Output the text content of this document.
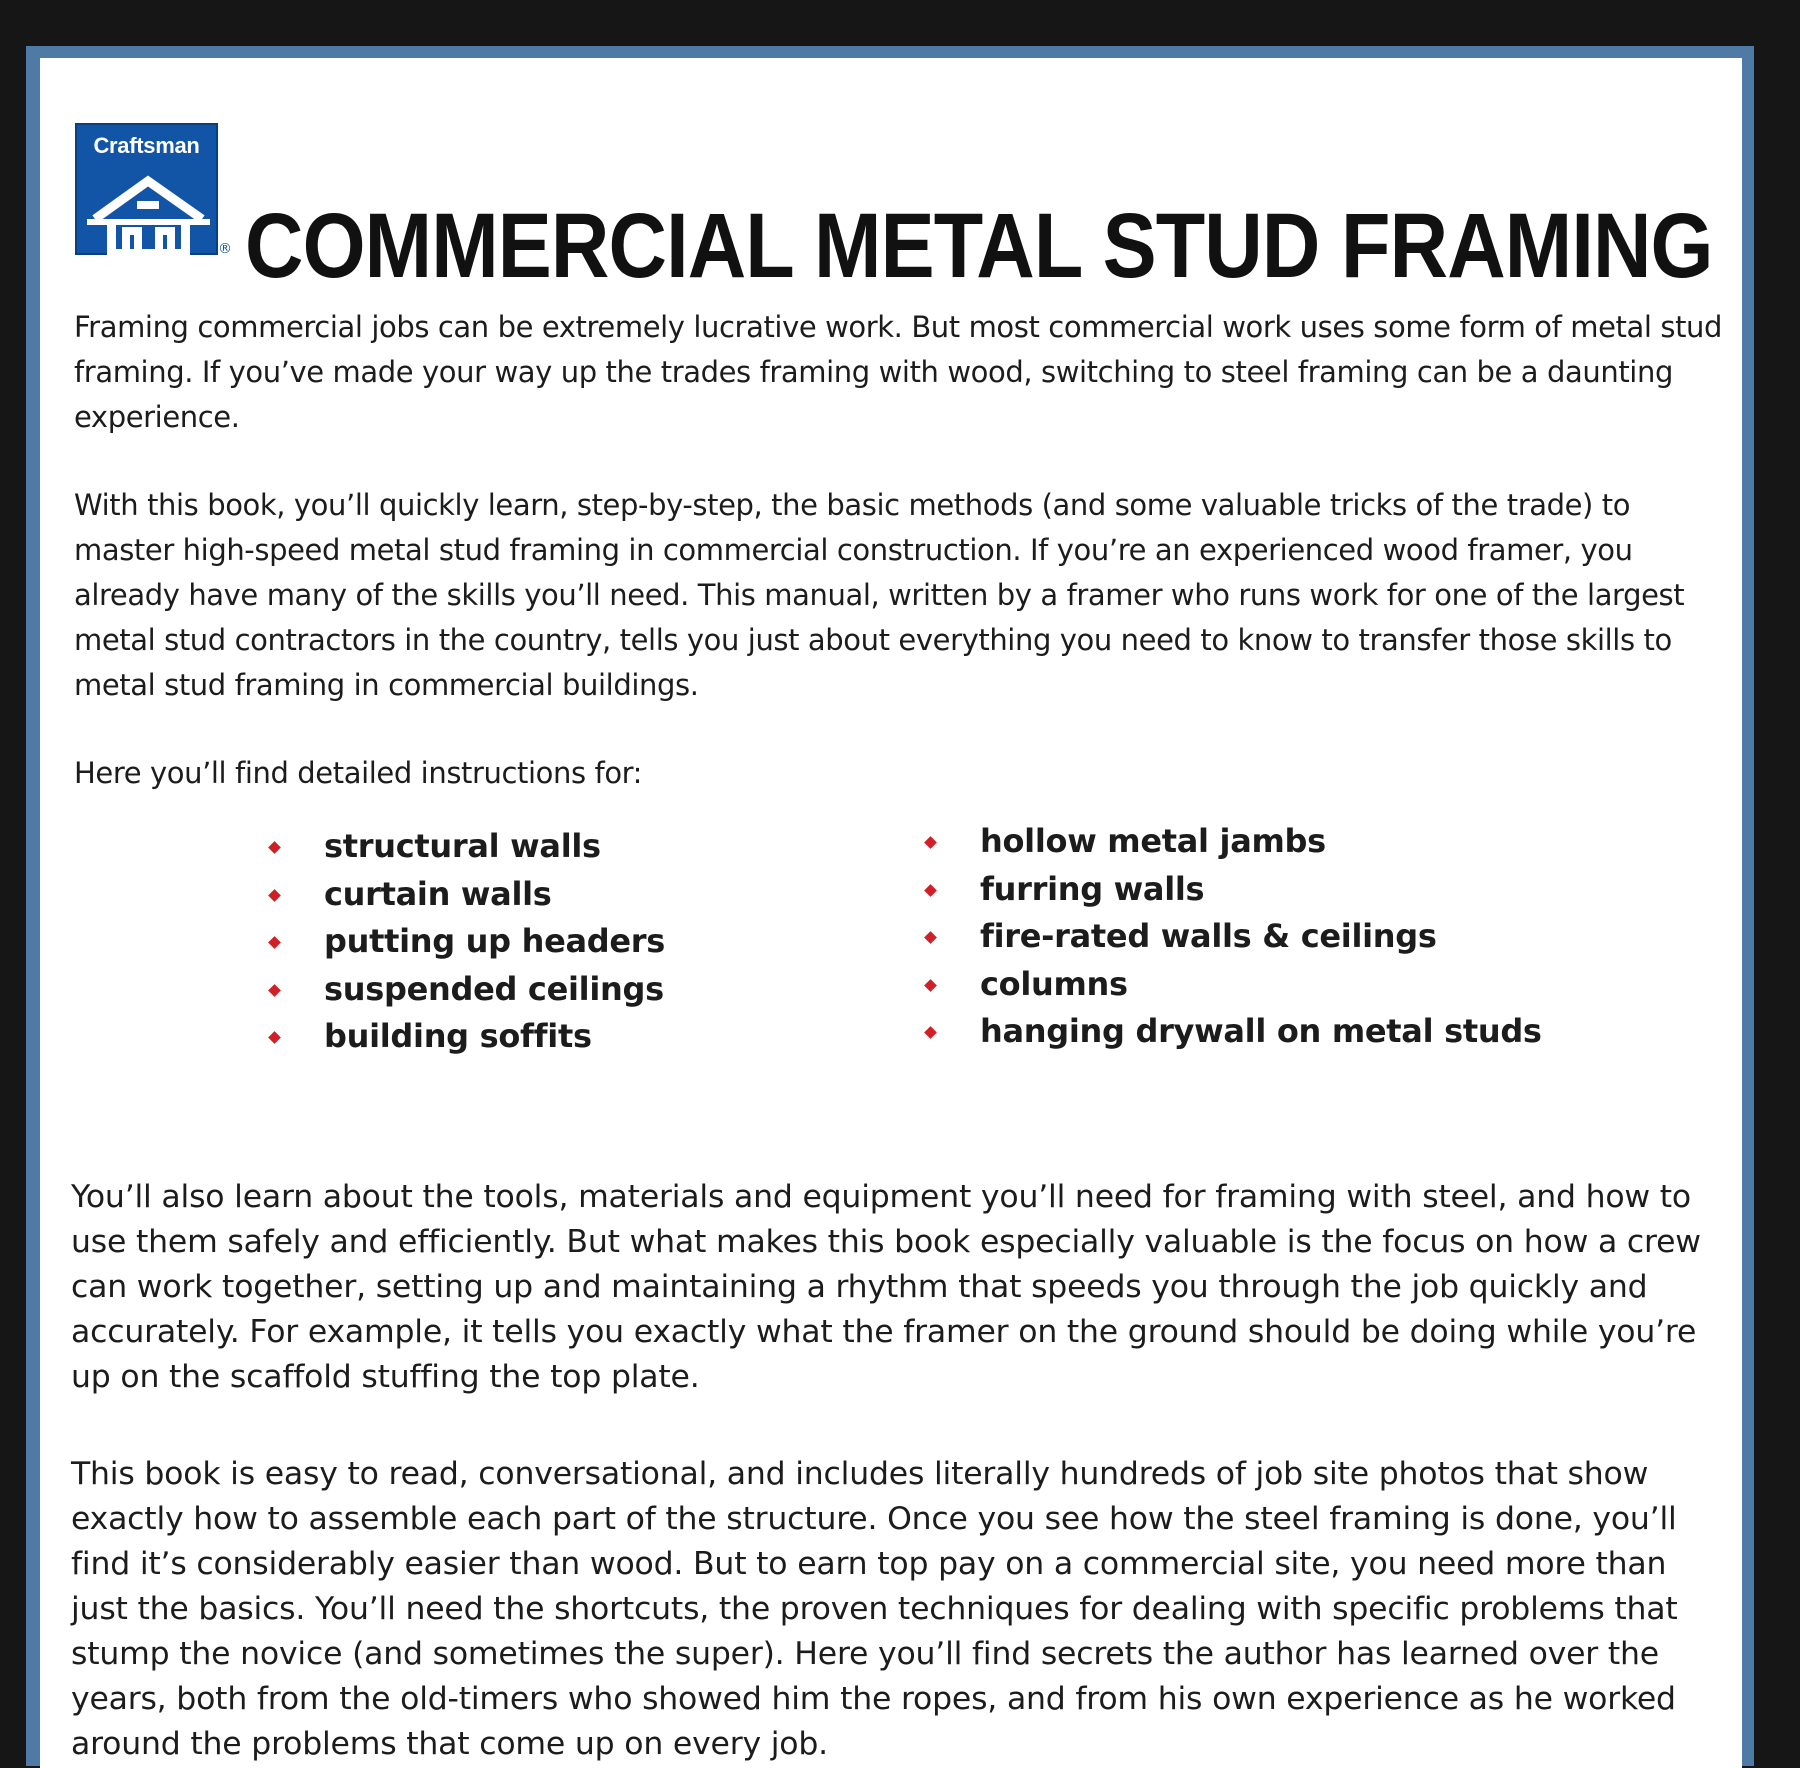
Craftsman
® COMMERCIAL METAL STUD FRAMING

Framing commercial jobs can be extremely lucrative work. But most commercial work uses some form of metal stud framing. If you’ve made your way up the trades framing with wood, switching to steel framing can be a daunting experience.

With this book, you’ll quickly learn, step-by-step, the basic methods (and some valuable tricks of the trade) to master high-speed metal stud framing in commercial construction. If you’re an experienced wood framer, you already have many of the skills you’ll need. This manual, written by a framer who runs work for one of the largest metal stud contractors in the country, tells you just about everything you need to know to transfer those skills to metal stud framing in commercial buildings.

Here you’ll find detailed instructions for:

structural walls
curtain walls
putting up headers
suspended ceilings
building soffits
hollow metal jambs
furring walls
fire-rated walls & ceilings
columns
hanging drywall on metal studs

You’ll also learn about the tools, materials and equipment you’ll need for framing with steel, and how to use them safely and efficiently. But what makes this book especially valuable is the focus on how a crew can work together, setting up and maintaining a rhythm that speeds you through the job quickly and accurately. For example, it tells you exactly what the framer on the ground should be doing while you’re up on the scaffold stuffing the top plate.

This book is easy to read, conversational, and includes literally hundreds of job site photos that show exactly how to assemble each part of the structure. Once you see how the steel framing is done, you’ll find it’s considerably easier than wood. But to earn top pay on a commercial site, you need more than just the basics. You’ll need the shortcuts, the proven techniques for dealing with specific problems that stump the novice (and sometimes the super). Here you’ll find secrets the author has learned over the years, both from the old-timers who showed him the ropes, and from his own experience as he worked around the problems that come up on every job.
